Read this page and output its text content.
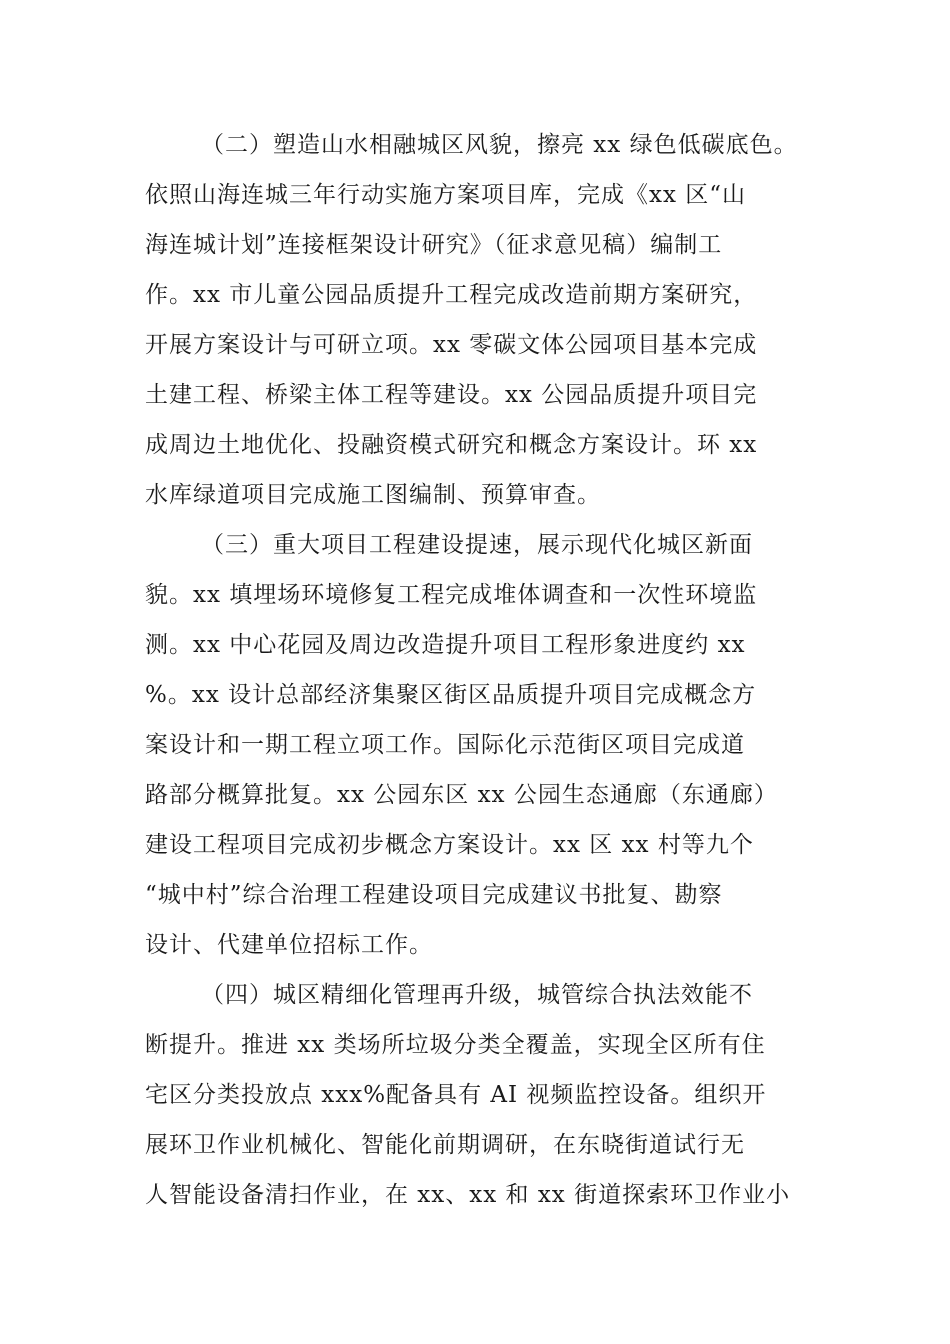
（二）塑造山水相融城区风貌，擦亮 xx 绿色低碳底色。
依照山海连城三年行动实施方案项目库，完成《xx 区“山
海连城计划”连接框架设计研究》（征求意见稿）编制工
作。xx 市儿童公园品质提升工程完成改造前期方案研究，
开展方案设计与可研立项。xx 零碳文体公园项目基本完成
土建工程、桥梁主体工程等建设。xx 公园品质提升项目完
成周边土地优化、投融资模式研究和概念方案设计。环 xx
水库绿道项目完成施工图编制、预算审查。
（三）重大项目工程建设提速，展示现代化城区新面
貌。xx 填埋场环境修复工程完成堆体调查和一次性环境监
测。xx 中心花园及周边改造提升项目工程形象进度约 xx
%。xx 设计总部经济集聚区街区品质提升项目完成概念方
案设计和一期工程立项工作。国际化示范街区项目完成道
路部分概算批复。xx 公园东区 xx 公园生态通廊（东通廊）
建设工程项目完成初步概念方案设计。xx 区 xx 村等九个
“城中村”综合治理工程建设项目完成建议书批复、勘察
设计、代建单位招标工作。
（四）城区精细化管理再升级，城管综合执法效能不
断提升。推进 xx 类场所垃圾分类全覆盖，实现全区所有住
宅区分类投放点 xxx%配备具有 AI 视频监控设备。组织开
展环卫作业机械化、智能化前期调研，在东晓街道试行无
人智能设备清扫作业，在 xx、xx 和 xx 街道探索环卫作业小
